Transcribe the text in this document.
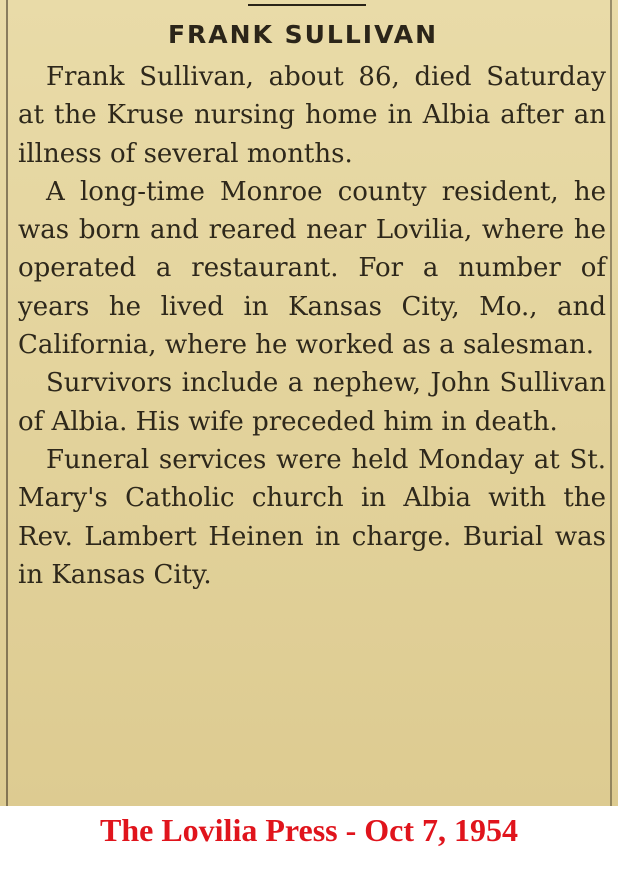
FRANK SULLIVAN

Frank Sullivan, about 86, died Saturday at the Kruse nursing home in Albia after an illness of several months.

A long-time Monroe county resident, he was born and reared near Lovilia, where he operated a restaurant. For a number of years he lived in Kansas City, Mo., and California, where he worked as a salesman.

Survivors include a nephew, John Sullivan of Albia. His wife preceded him in death.

Funeral services were held Monday at St. Mary's Catholic church in Albia with the Rev. Lambert Heinen in charge. Burial was in Kansas City.

The Lovilia Press - Oct 7, 1954
